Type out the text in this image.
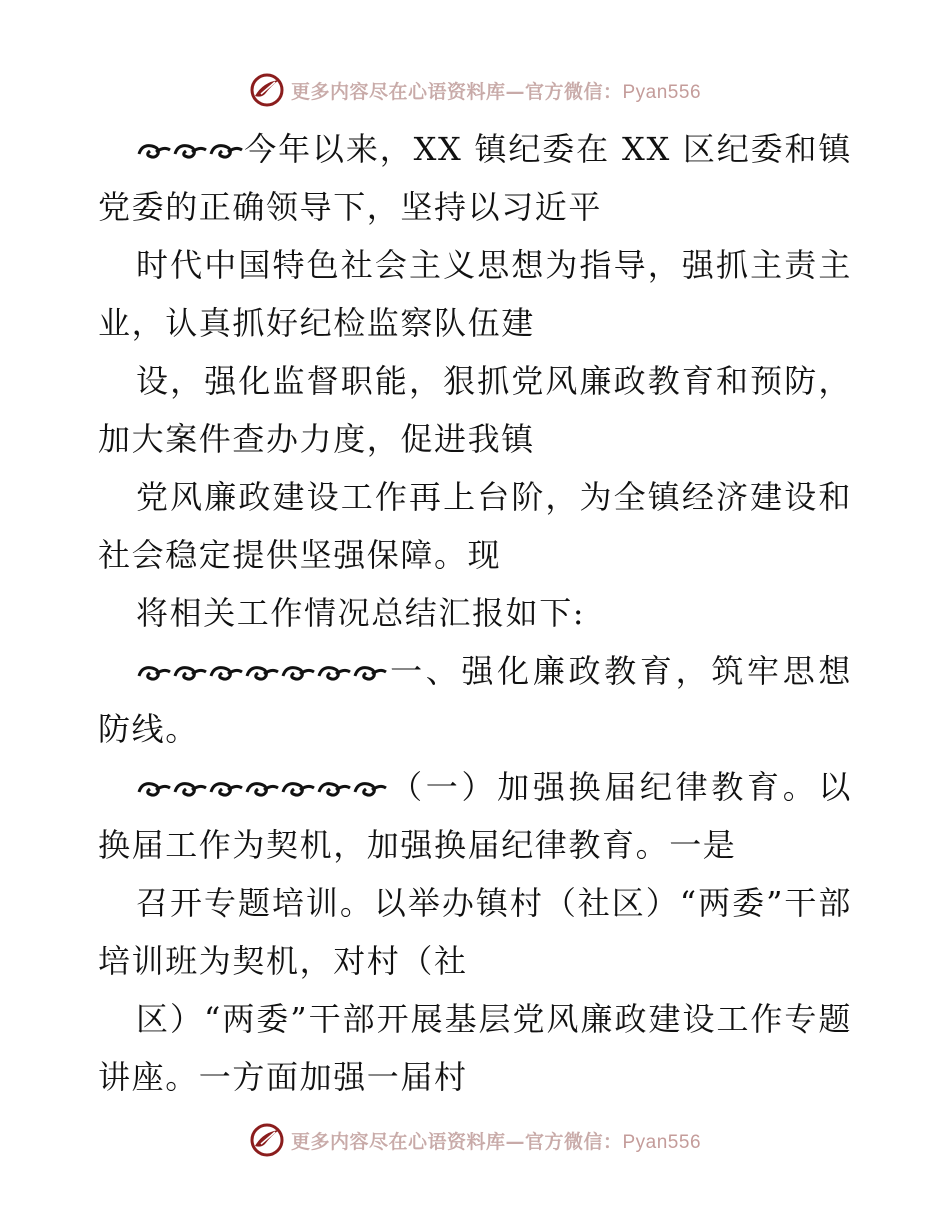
更多内容尽在心语资料库—官方微信：Pyan556

今年以来，XX 镇纪委在 XX 区纪委和镇党委的正确领导下，坚持以习近平

时代中国特色社会主义思想为指导，强抓主责主业，认真抓好纪检监察队伍建

设，强化监督职能，狠抓党风廉政教育和预防，加大案件查办力度，促进我镇

党风廉政建设工作再上台阶，为全镇经济建设和社会稳定提供坚强保障。现

将相关工作情况总结汇报如下:

一、强化廉政教育，筑牢思想防线。

（一）加强换届纪律教育。以换届工作为契机，加强换届纪律教育。一是

召开专题培训。以举办镇村（社区）“两委”干部培训班为契机，对村（社

区）“两委”干部开展基层党风廉政建设工作专题讲座。一方面加强一届村

更多内容尽在心语资料库—官方微信：Pyan556
